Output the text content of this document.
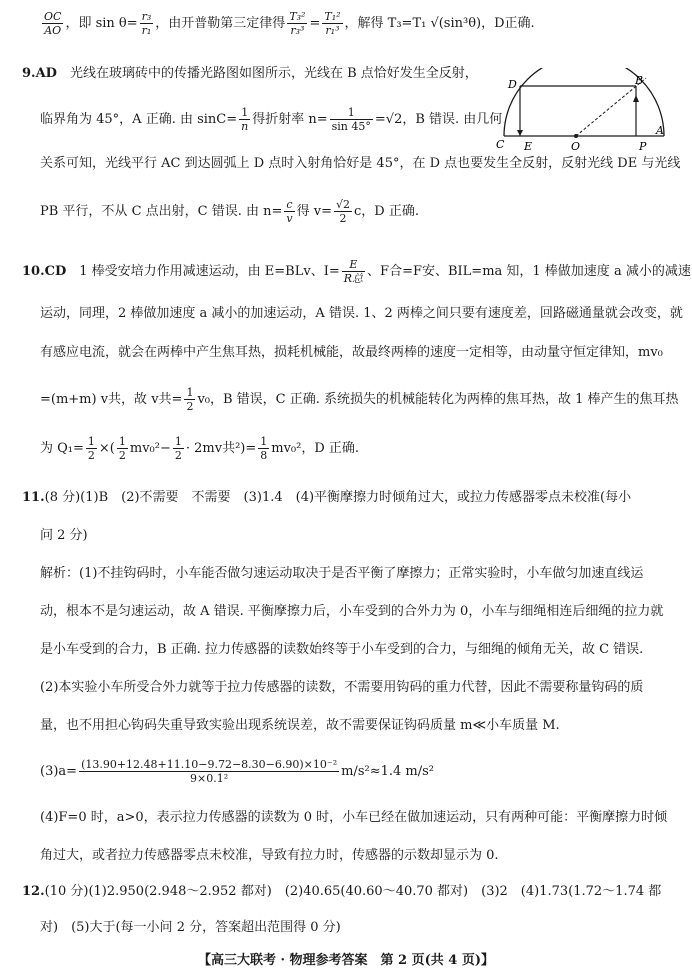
$\frac{OC}{AO}$ ，即 $\sin \theta= \frac{\text{r₃}}{\text{r₁}}$ ，由开普勒第三定律得 $\frac{\text{T₃²}}{\text{r₃³}} = \frac{\text{T₁²}}{\text{r₁³}}$ ，解得 T₃=T₁ √(sin³θ)，D正确.
9.AD　 光线在玻璃砖中的传播光路图如图所示，光线在 B 点恰好发生全反射，
临界角为 45°，A 正确. 由 $\sin C= \frac{1}{n}$ 得折射率 $n= \frac{1}{\sin 45^\circ} =√2$，B 错误. 由几何
关系可知，光线平行 AC 到达圆弧上 D 点时入射角恰好是 45°，在 D 点也要发生全反射，反射光线 DE 与光线
PB 平行，不从 C 点出射，C 错误. 由 $n= \frac{c}{v}$ 得 $v= \frac{√2}{2}$ c，D 正确.
D	B
A
C E	O	P
10.CD　 1 棒受安培力作用减速运动，由 E=BLv、$I= \frac{E}{\text{R总}}$ 、F合=F安、BIL=ma 知，1 棒做加速度 a 减小的减速
运动，同理，2 棒做加速度 a 减小的加速运动，A 错误. 1、2 两棒之间只要有速度差，回路磁通量就会改变，就
有感应电流，就会在两棒中产生焦耳热，损耗机械能，故最终两棒的速度一定相等，由动量守恒定律知，mv₀
=(m+m) v共，故 v共= $\frac{1}{2} v_0$，B 错误，C 正确. 系统损失的机械能转化为两棒的焦耳热，故 1 棒产生的焦耳热
为 $Q_1= \frac{1}{2}$ ×( $\frac{1}{2} mv_0^2- \frac{1}{2} \cdot 2mv$共$^2)= \frac{1}{8} mv_0^2$，D 正确.
11.(8 分)(1)B　(2)不需要　不需要　(3)1.4　(4)平衡摩擦力时倾角过大，或拉力传感器零点未校准(每小
问 2 分)
解析：(1)不挂钩码时，小车能否做匀速运动取决于是否平衡了摩擦力；正常实验时，小车做匀加速直线运
动，根本不是匀速运动，故 A 错误. 平衡摩擦力后，小车受到的合外力为 0，小车与细绳相连后细绳的拉力就
是小车受到的合力，B 正确. 拉力传感器的读数始终等于小车受到的合力，与细绳的倾角无关，故 C 错误.
(2)本实验小车所受合外力就等于拉力传感器的读数，不需要用钩码的重力代替，因此不需要称量钩码的质
量，也不用担心钩码失重导致实验出现系统误差，故不需要保证钩码质量 m≪小车质量 M.
$(3)a= \frac{\text{(13.90+12.48+11.10−9.72−8.30−6.90)×10⁻²}}{\text{9×0.1²}} m/s^2\approx 1.4$ m/s²
(4)F=0 时，a>0，表示拉力传感器的读数为 0 时，小车已经在做加速运动，只有两种可能：平衡摩擦力时倾
角过大，或者拉力传感器零点未校准，导致有拉力时，传感器的示数却显示为 0.
12.(10 分)(1)2.950(2.948～2.952 都对)　(2)40.65(40.60～40.70 都对)　(3)2　(4)1.73(1.72～1.74 都
对)　(5)大于(每一小问 2 分，答案超出范围得 0 分)
【高三大联考 · 物理参考答案　第 2 页(共 4 页)】
